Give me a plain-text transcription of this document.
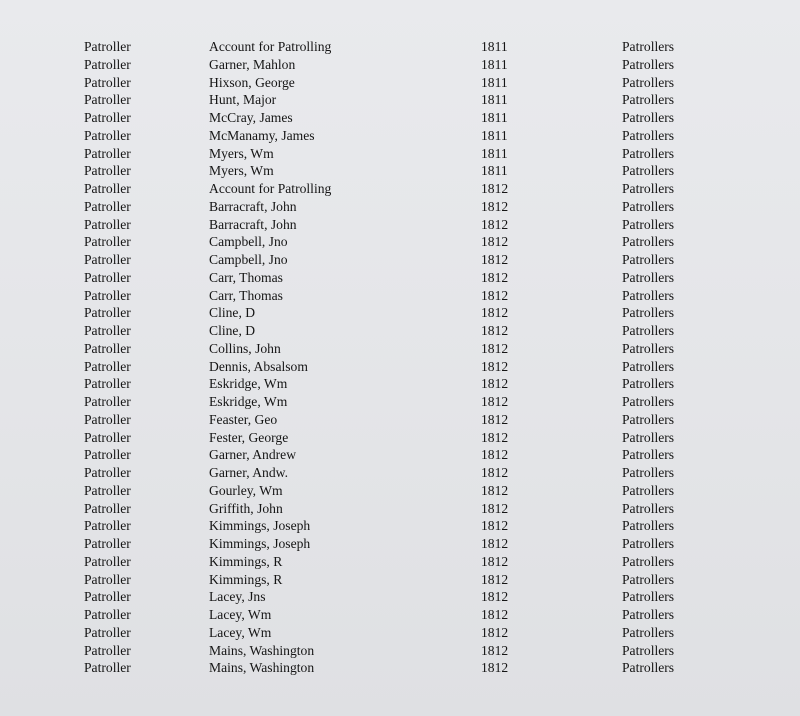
Patroller	Account for Patrolling	1811	Patrollers
Patroller	Garner, Mahlon	1811	Patrollers
Patroller	Hixson, George	1811	Patrollers
Patroller	Hunt, Major	1811	Patrollers
Patroller	McCray, James	1811	Patrollers
Patroller	McManamy, James	1811	Patrollers
Patroller	Myers, Wm	1811	Patrollers
Patroller	Myers, Wm	1811	Patrollers
Patroller	Account for Patrolling	1812	Patrollers
Patroller	Barracraft, John	1812	Patrollers
Patroller	Barracraft, John	1812	Patrollers
Patroller	Campbell, Jno	1812	Patrollers
Patroller	Campbell, Jno	1812	Patrollers
Patroller	Carr, Thomas	1812	Patrollers
Patroller	Carr, Thomas	1812	Patrollers
Patroller	Cline, D	1812	Patrollers
Patroller	Cline, D	1812	Patrollers
Patroller	Collins, John	1812	Patrollers
Patroller	Dennis, Absalsom	1812	Patrollers
Patroller	Eskridge, Wm	1812	Patrollers
Patroller	Eskridge, Wm	1812	Patrollers
Patroller	Feaster, Geo	1812	Patrollers
Patroller	Fester, George	1812	Patrollers
Patroller	Garner, Andrew	1812	Patrollers
Patroller	Garner, Andw.	1812	Patrollers
Patroller	Gourley, Wm	1812	Patrollers
Patroller	Griffith, John	1812	Patrollers
Patroller	Kimmings, Joseph	1812	Patrollers
Patroller	Kimmings, Joseph	1812	Patrollers
Patroller	Kimmings, R	1812	Patrollers
Patroller	Kimmings, R	1812	Patrollers
Patroller	Lacey, Jns	1812	Patrollers
Patroller	Lacey, Wm	1812	Patrollers
Patroller	Lacey, Wm	1812	Patrollers
Patroller	Mains, Washington	1812	Patrollers
Patroller	Mains, Washington	1812	Patrollers
